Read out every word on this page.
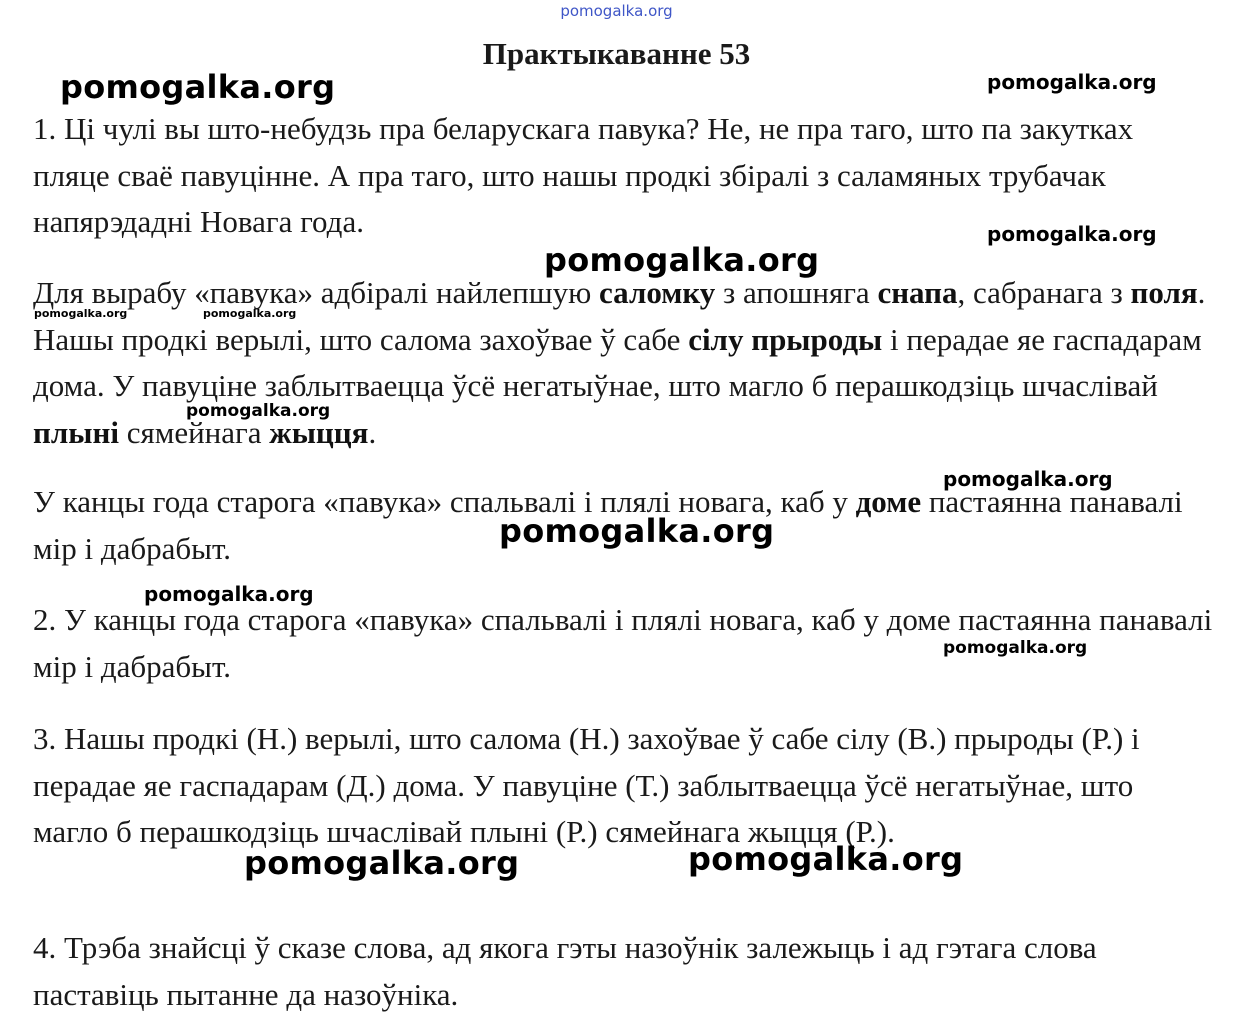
pomogalka.org
Практыкаванне 53
1. Ці чулі вы што-небудзь пра беларускага павука? Не, не пра таго, што па закутках пляце сваё павуціннe. А пра таго, што нашы продкі збіралі з саламяных трубачак напярэдадні Новага года.
Для вырабу «павука» адбіралі найлепшую саломку з апошняга снапа, сабранага з поля. Нашы продкі верылі, што салома захоўвае ў сабе сілу прыроды і перадае яе гаспадарам дома. У павуціне заблытваецца ўсё негатыўнае, што магло б перашкодзіць шчаслівай плыні сямейнага жыцця.
У канцы года старога «павука» спальвалі і плялі новага, каб у доме пастаянна панавалі мір і дабрабыт.
2. У канцы года старога «павука» спальвалі і плялі новага, каб у доме пастаянна панавалі мір і дабрабыт.
3. Нашы продкі (Н.) верылі, што салома (Н.) захоўвае ў сабе сілу (В.) прыроды (Р.) і перадае яе гаспадарам (Д.) дома. У павуціне (Т.) заблытваецца ўсё негатыўнае, што магло б перашкодзіць шчаслівай плыні (Р.) сямейнага жыцця (Р.).
4. Трэба знайсці ў сказе слова, ад якога гэты назоўнік залежыць і ад гэтага слова паставіць пытанне да назоўніка.
pomogalka.org	pomogalka.org
pomogalka.org
pomogalka.org
pomogalka.org	pomogalka.org
pomogalka.org
pomogalka.org
pomogalka.org
pomogalka.org
pomogalka.org
pomogalka.org	pomogalka.org
